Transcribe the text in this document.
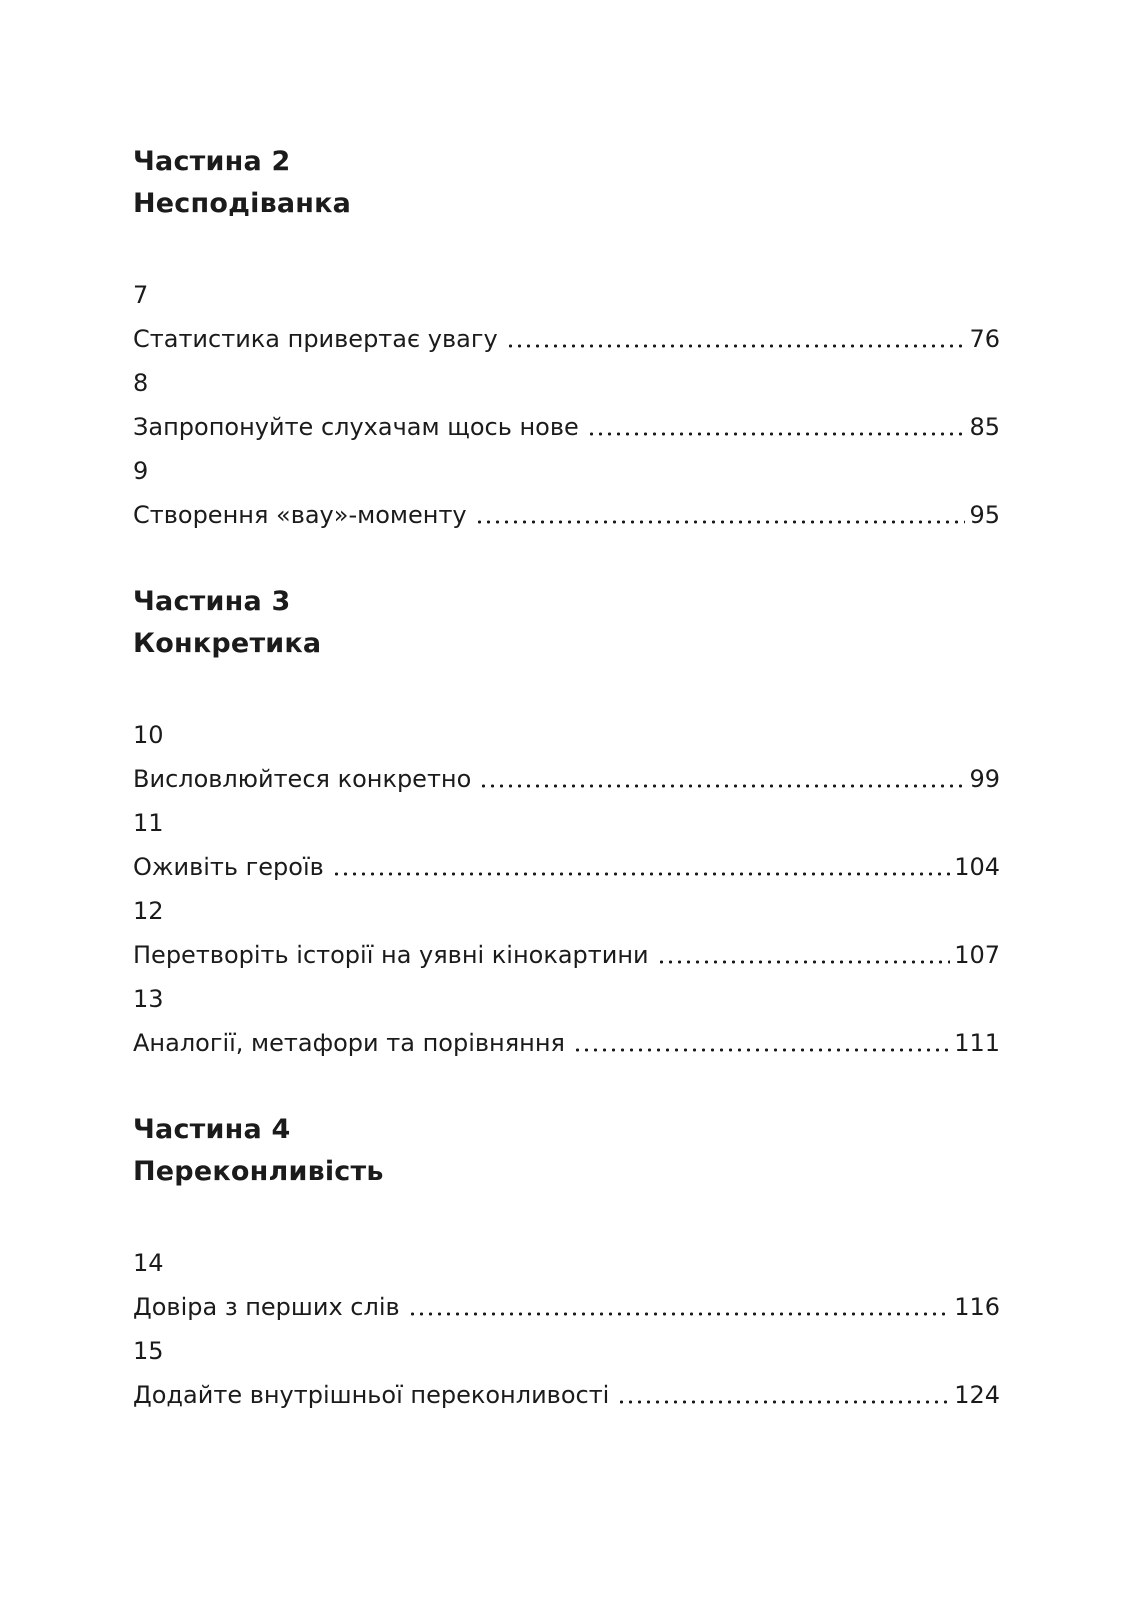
Частина 2
Несподіванка
7
Статистика привертає увагу	76
8
Запропонуйте слухачам щось нове	85
9
Створення «вау»-моменту	95
Частина 3
Конкретика
10
Висловлюйтеся конкретно	99
11
Оживіть героїв	104
12
Перетворіть історії на уявні кінокартини	107
13
Аналогії, метафори та порівняння	111
Частина 4
Переконливість
14
Довіра з перших слів	116
15
Додайте внутрішньої переконливості	124
